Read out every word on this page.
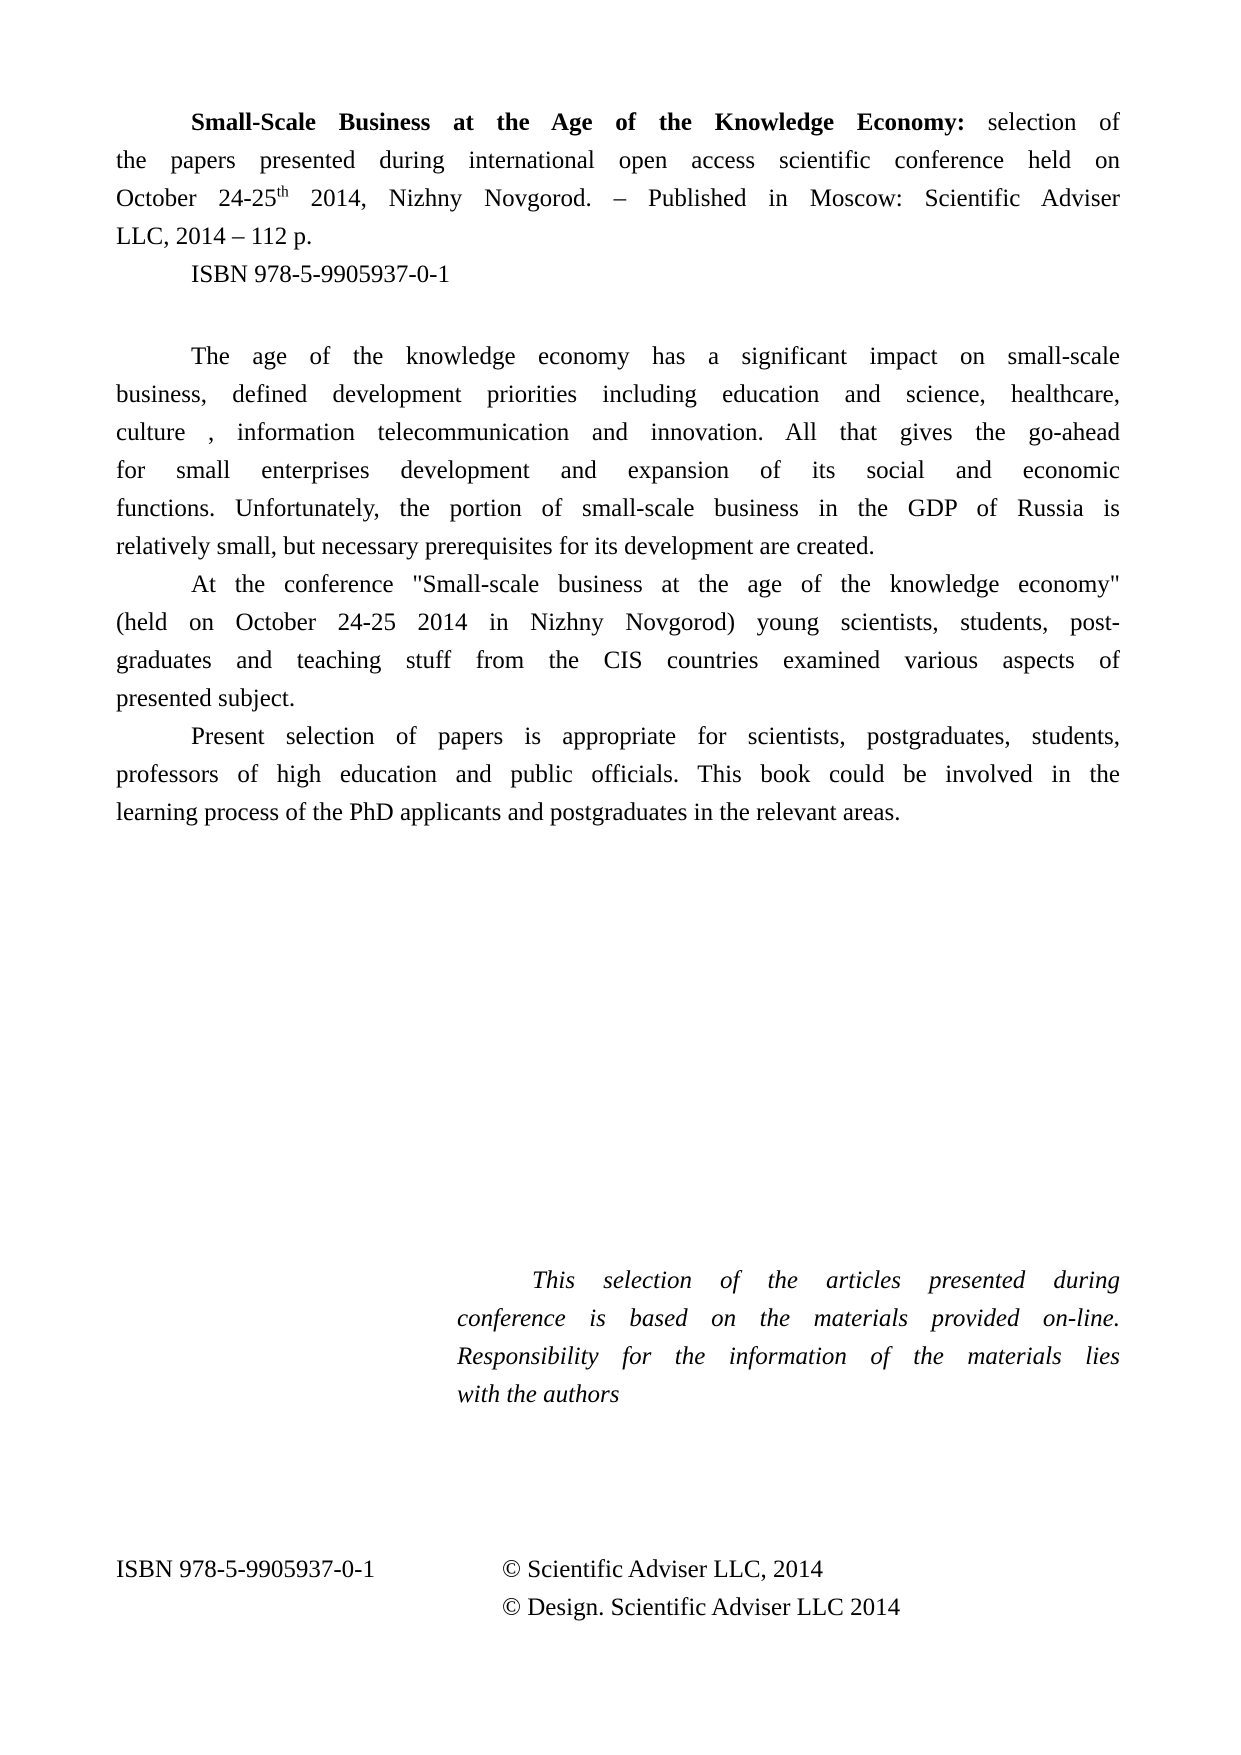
Small-Scale Business at the Age of the Knowledge Economy: selection of
the papers presented during international open access scientific conference held on
October 24-25th 2014, Nizhny Novgorod. – Published in Moscow: Scientific Adviser
LLC, 2014 – 112 p.
ISBN 978-5-9905937-0-1
The age of the knowledge economy has a significant impact on small-scale
business, defined development priorities including education and science, healthcare,
culture , information telecommunication and innovation. All that gives the go-ahead
for small enterprises development and expansion of its social and economic
functions. Unfortunately, the portion of small-scale business in the GDP of Russia is
relatively small, but necessary prerequisites for its development are created.
At the conference "Small-scale business at the age of the knowledge economy"
(held on October 24-25 2014 in Nizhny Novgorod) young scientists, students, post-
graduates and teaching stuff from the CIS countries examined various aspects of
presented subject.
Present selection of papers is appropriate for scientists, postgraduates, students,
professors of high education and public officials. This book could be involved in the
learning process of the PhD applicants and postgraduates in the relevant areas.
This selection of the articles presented during
conference is based on the materials provided on-line.
Responsibility for the information of the materials lies
with the authors
ISBN 978-5-9905937-0-1	© Scientific Adviser LLC, 2014
© Design. Scientific Adviser LLC 2014
